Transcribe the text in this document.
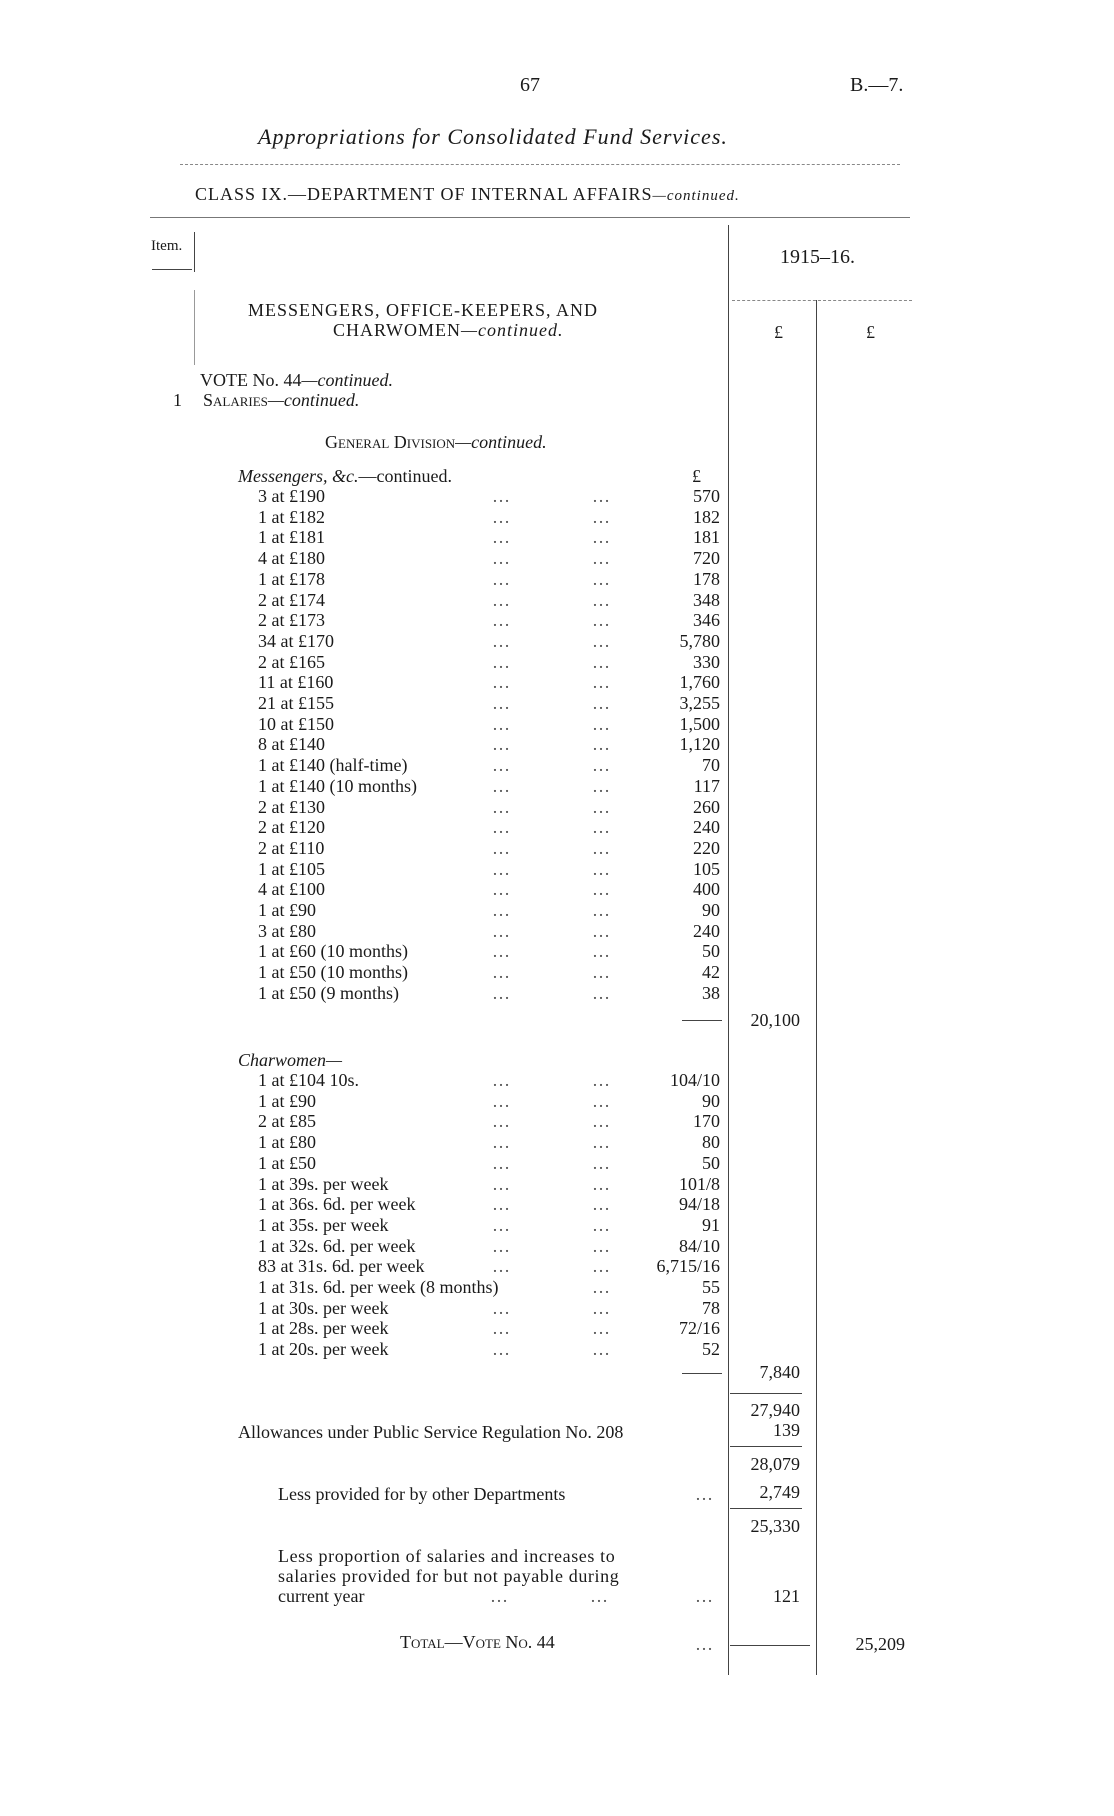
67	B.—7.
Appropriations for Consolidated Fund Services.
CLASS IX.—DEPARTMENT OF INTERNAL AFFAIRS—continued.
Item.	1915–16.
£	£
MESSENGERS, OFFICE-KEEPERS, AND
CHARWOMEN—continued.
VOTE No. 44—continued.
1 Salaries—continued.
General Division—continued.
Messengers, &c.—continued.	£
3 at £190	…	…	570
1 at £182	…	…	182
1 at £181	…	…	181
4 at £180	…	…	720
1 at £178	…	…	178
2 at £174	…	…	348
2 at £173	…	…	346
34 at £170	…	…	5,780
2 at £165	…	…	330
11 at £160	…	…	1,760
21 at £155	…	…	3,255
10 at £150	…	…	1,500
8 at £140	…	…	1,120
1 at £140 (half-time)	…	…	70
1 at £140 (10 months)	…	…	117
2 at £130	…	…	260
2 at £120	…	…	240
2 at £110	…	…	220
1 at £105	…	…	105
4 at £100	…	…	400
1 at £90	…	…	90
3 at £80	…	…	240
1 at £60 (10 months)	…	…	50
1 at £50 (10 months)	…	…	42
1 at £50 (9 months)	…	…	38
20,100
Charwomen—
1 at £104 10s.	…	…	104/10
1 at £90	…	…	90
2 at £85	…	…	170
1 at £80	…	…	80
1 at £50	…	…	50
1 at 39s. per week	…	…	101/8
1 at 36s. 6d. per week	…	…	94/18
1 at 35s. per week	…	…	91
1 at 32s. 6d. per week	…	…	84/10
83 at 31s. 6d. per week	…	…	6,715/16
1 at 31s. 6d. per week (8 months)	…	55
1 at 30s. per week	…	…	78
1 at 28s. per week	…	…	72/16
1 at 20s. per week	…	…	52
7,840
27,940
Allowances under Public Service Regulation No. 208	139
28,079
Less provided for by other Departments	…	2,749
25,330
Less proportion of salaries and increases to
salaries provided for but not payable during
current year	…	…	…	121
Total—Vote No. 44	…	25,209
